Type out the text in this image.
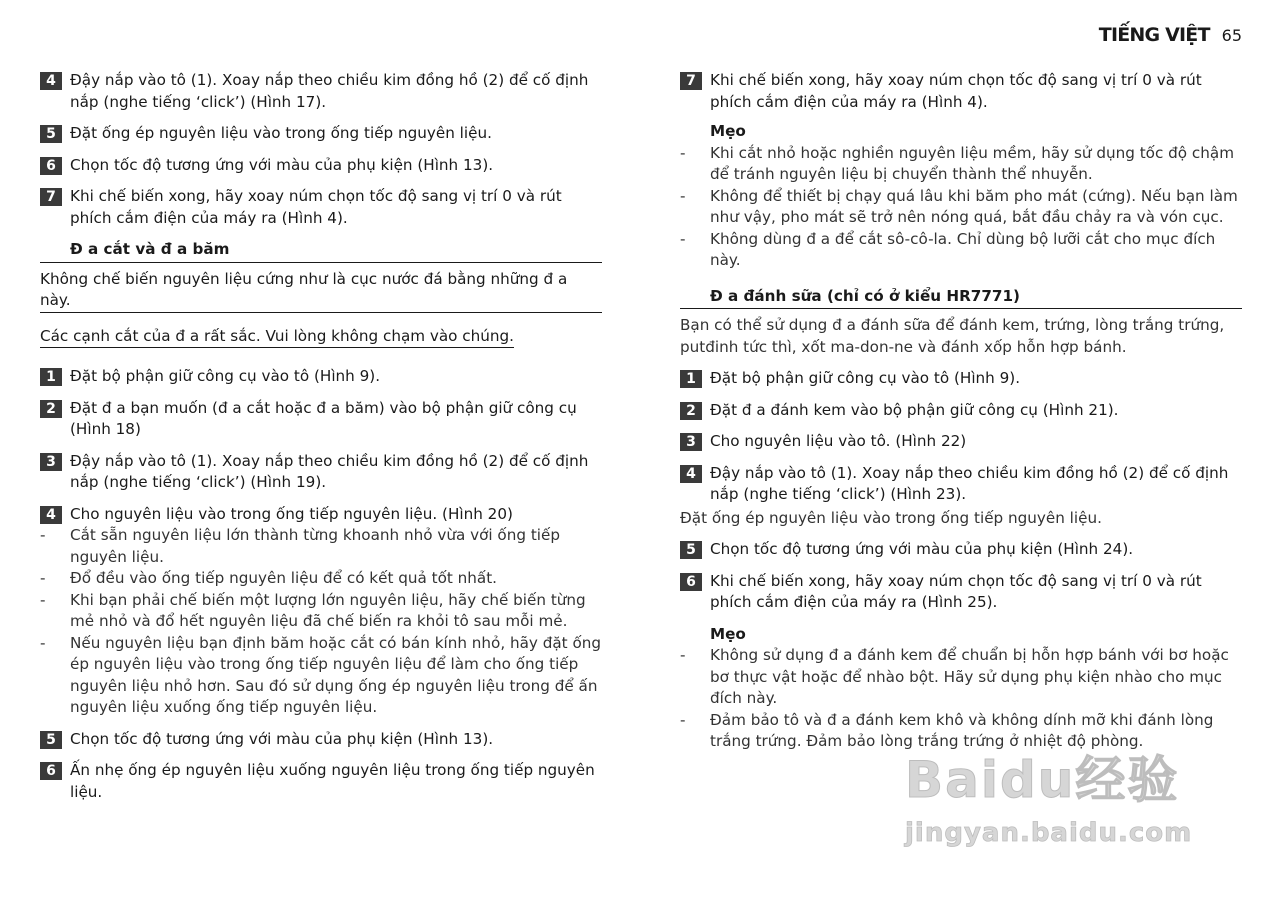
TIẾNG VIỆT 65
4 Đậy nắp vào tô (1). Xoay nắp theo chiều kim đồng hồ (2) để cố định nắp (nghe tiếng ‘click’) (Hình 17).
5 Đặt ống ép nguyên liệu vào trong ống tiếp nguyên liệu.
6 Chọn tốc độ tương ứng với màu của phụ kiện (Hình 13).
7 Khi chế biến xong, hãy xoay núm chọn tốc độ sang vị trí 0 và rút phích cắm điện của máy ra (Hình 4).
Đ a cắt và đ a băm
Không chế biến nguyên liệu cứng như là cục nước đá bằng những đ a này.
Các cạnh cắt của đ a rất sắc. Vui lòng không chạm vào chúng.
1 Đặt bộ phận giữ công cụ vào tô (Hình 9).
2 Đặt đ a bạn muốn (đ a cắt hoặc đ a băm) vào bộ phận giữ công cụ (Hình 18)
3 Đậy nắp vào tô (1). Xoay nắp theo chiều kim đồng hồ (2) để cố định nắp (nghe tiếng ‘click’) (Hình 19).
4 Cho nguyên liệu vào trong ống tiếp nguyên liệu. (Hình 20)
- Cắt sẵn nguyên liệu lớn thành từng khoanh nhỏ vừa với ống tiếp nguyên liệu.
- Đổ đều vào ống tiếp nguyên liệu để có kết quả tốt nhất.
- Khi bạn phải chế biến một lượng lớn nguyên liệu, hãy chế biến từng mẻ nhỏ và đổ hết nguyên liệu đã chế biến ra khỏi tô sau mỗi mẻ.
- Nếu nguyên liệu bạn định băm hoặc cắt có bán kính nhỏ, hãy đặt ống ép nguyên liệu vào trong ống tiếp nguyên liệu để làm cho ống tiếp nguyên liệu nhỏ hơn. Sau đó sử dụng ống ép nguyên liệu trong để ấn nguyên liệu xuống ống tiếp nguyên liệu.
5 Chọn tốc độ tương ứng với màu của phụ kiện (Hình 13).
6 Ấn nhẹ ống ép nguyên liệu xuống nguyên liệu trong ống tiếp nguyên liệu.
7 Khi chế biến xong, hãy xoay núm chọn tốc độ sang vị trí 0 và rút phích cắm điện của máy ra (Hình 4).
Mẹo
- Khi cắt nhỏ hoặc nghiền nguyên liệu mềm, hãy sử dụng tốc độ chậm để tránh nguyên liệu bị chuyển thành thể nhuyễn.
- Không để thiết bị chạy quá lâu khi băm pho mát (cứng). Nếu bạn làm như vậy, pho mát sẽ trở nên nóng quá, bắt đầu chảy ra và vón cục.
- Không dùng đ a để cắt sô-cô-la. Chỉ dùng bộ lưỡi cắt cho mục đích này.
Đ a đánh sữa (chỉ có ở kiểu HR7771)
Bạn có thể sử dụng đ a đánh sữa để đánh kem, trứng, lòng trắng trứng, putđinh tức thì, xốt ma-don-ne và đánh xốp hỗn hợp bánh.
1 Đặt bộ phận giữ công cụ vào tô (Hình 9).
2 Đặt đ a đánh kem vào bộ phận giữ công cụ (Hình 21).
3 Cho nguyên liệu vào tô. (Hình 22)
4 Đậy nắp vào tô (1). Xoay nắp theo chiều kim đồng hồ (2) để cố định nắp (nghe tiếng ‘click’) (Hình 23).
Đặt ống ép nguyên liệu vào trong ống tiếp nguyên liệu.
5 Chọn tốc độ tương ứng với màu của phụ kiện (Hình 24).
6 Khi chế biến xong, hãy xoay núm chọn tốc độ sang vị trí 0 và rút phích cắm điện của máy ra (Hình 25).
Mẹo
- Không sử dụng đ a đánh kem để chuẩn bị hỗn hợp bánh với bơ hoặc bơ thực vật hoặc để nhào bột. Hãy sử dụng phụ kiện nhào cho mục đích này.
- Đảm bảo tô và đ a đánh kem khô và không dính mỡ khi đánh lòng trắng trứng. Đảm bảo lòng trắng trứng ở nhiệt độ phòng.
Baidu经验
jingyan.baidu.com
